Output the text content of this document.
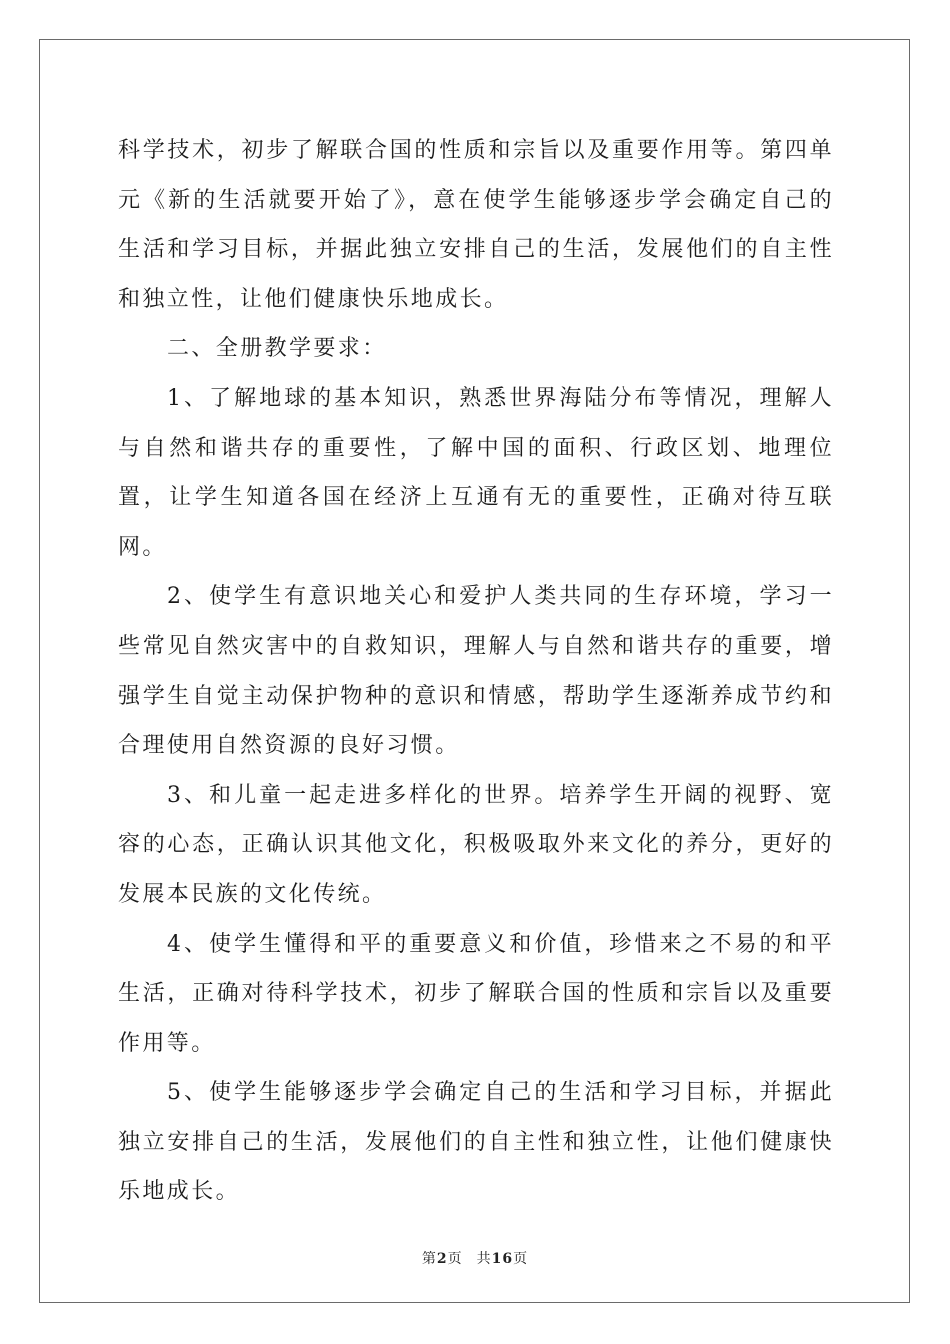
科学技术，初步了解联合国的性质和宗旨以及重要作用等。第四单元《新的生活就要开始了》，意在使学生能够逐步学会确定自己的生活和学习目标，并据此独立安排自己的生活，发展他们的自主性和独立性，让他们健康快乐地成长。

二、全册教学要求：

1、了解地球的基本知识，熟悉世界海陆分布等情况，理解人与自然和谐共存的重要性，了解中国的面积、行政区划、地理位置，让学生知道各国在经济上互通有无的重要性，正确对待互联网。

2、使学生有意识地关心和爱护人类共同的生存环境，学习一些常见自然灾害中的自救知识，理解人与自然和谐共存的重要，增强学生自觉主动保护物种的意识和情感，帮助学生逐渐养成节约和合理使用自然资源的良好习惯。

3、和儿童一起走进多样化的世界。培养学生开阔的视野、宽容的心态，正确认识其他文化，积极吸取外来文化的养分，更好的发展本民族的文化传统。

4、使学生懂得和平的重要意义和价值，珍惜来之不易的和平生活，正确对待科学技术，初步了解联合国的性质和宗旨以及重要作用等。

5、使学生能够逐步学会确定自己的生活和学习目标，并据此独立安排自己的生活，发展他们的自主性和独立性，让他们健康快乐地成长。

第2页 共16页
